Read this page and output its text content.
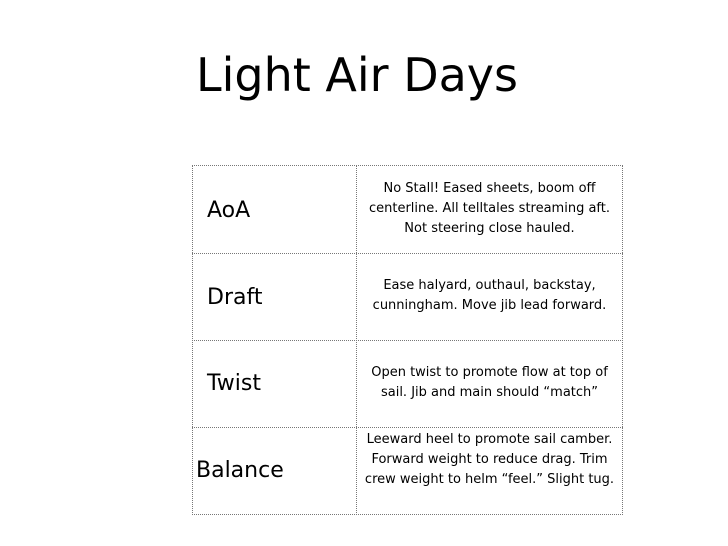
Light Air Days
AoA
No Stall! Eased sheets, boom off centerline. All telltales streaming aft. Not steering close hauled.
Draft	Ease halyard, outhaul, backstay, cunningham. Move jib lead forward.
Twist	Open twist to promote flow at top of sail. Jib and main should “match”
Balance
Leeward heel to promote sail camber. Forward weight to reduce drag. Trim crew weight to helm “feel.” Slight tug.
